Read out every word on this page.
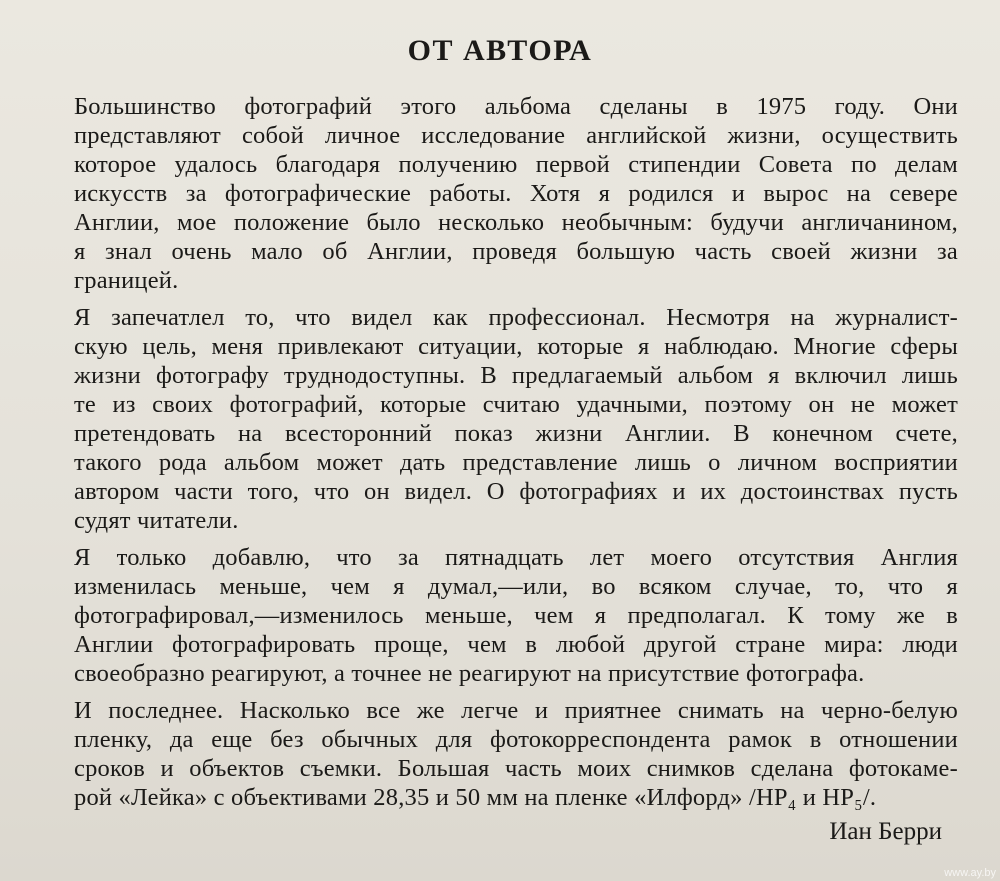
ОТ АВТОРА

Большинство фотографий этого альбома сделаны в 1975 году. Они
представляют собой личное исследование английской жизни, осуществить
которое удалось благодаря получению первой стипендии Совета по делам
искусств за фотографические работы. Хотя я родился и вырос на севере
Англии, мое положение было несколько необычным: будучи англичанином,
я знал очень мало об Англии, проведя большую часть своей жизни за
границей.

Я запечатлел то, что видел как профессионал. Несмотря на журналист-
скую цель, меня привлекают ситуации, которые я наблюдаю. Многие сферы
жизни фотографу труднодоступны. В предлагаемый альбом я включил лишь
те из своих фотографий, которые считаю удачными, поэтому он не может
претендовать на всесторонний показ жизни Англии. В конечном счете,
такого рода альбом может дать представление лишь о личном восприятии
автором части того, что он видел. О фотографиях и их достоинствах пусть
судят читатели.

Я только добавлю, что за пятнадцать лет моего отсутствия Англия
изменилась меньше, чем я думал,—или, во всяком случае, то, что я
фотографировал,—изменилось меньше, чем я предполагал. К тому же в
Англии фотографировать проще, чем в любой другой стране мира: люди
своеобразно реагируют, а точнее не реагируют на присутствие фотографа.

И последнее. Насколько все же легче и приятнее снимать на черно-белую
пленку, да еще без обычных для фотокорреспондента рамок в отношении
сроков и объектов съемки. Большая часть моих снимков сделана фотокаме-
рой «Лейка» с объективами 28,35 и 50 мм на пленке «Илфорд» /HP₄ и HP₅/.

Иан Берри

www.ay.by
